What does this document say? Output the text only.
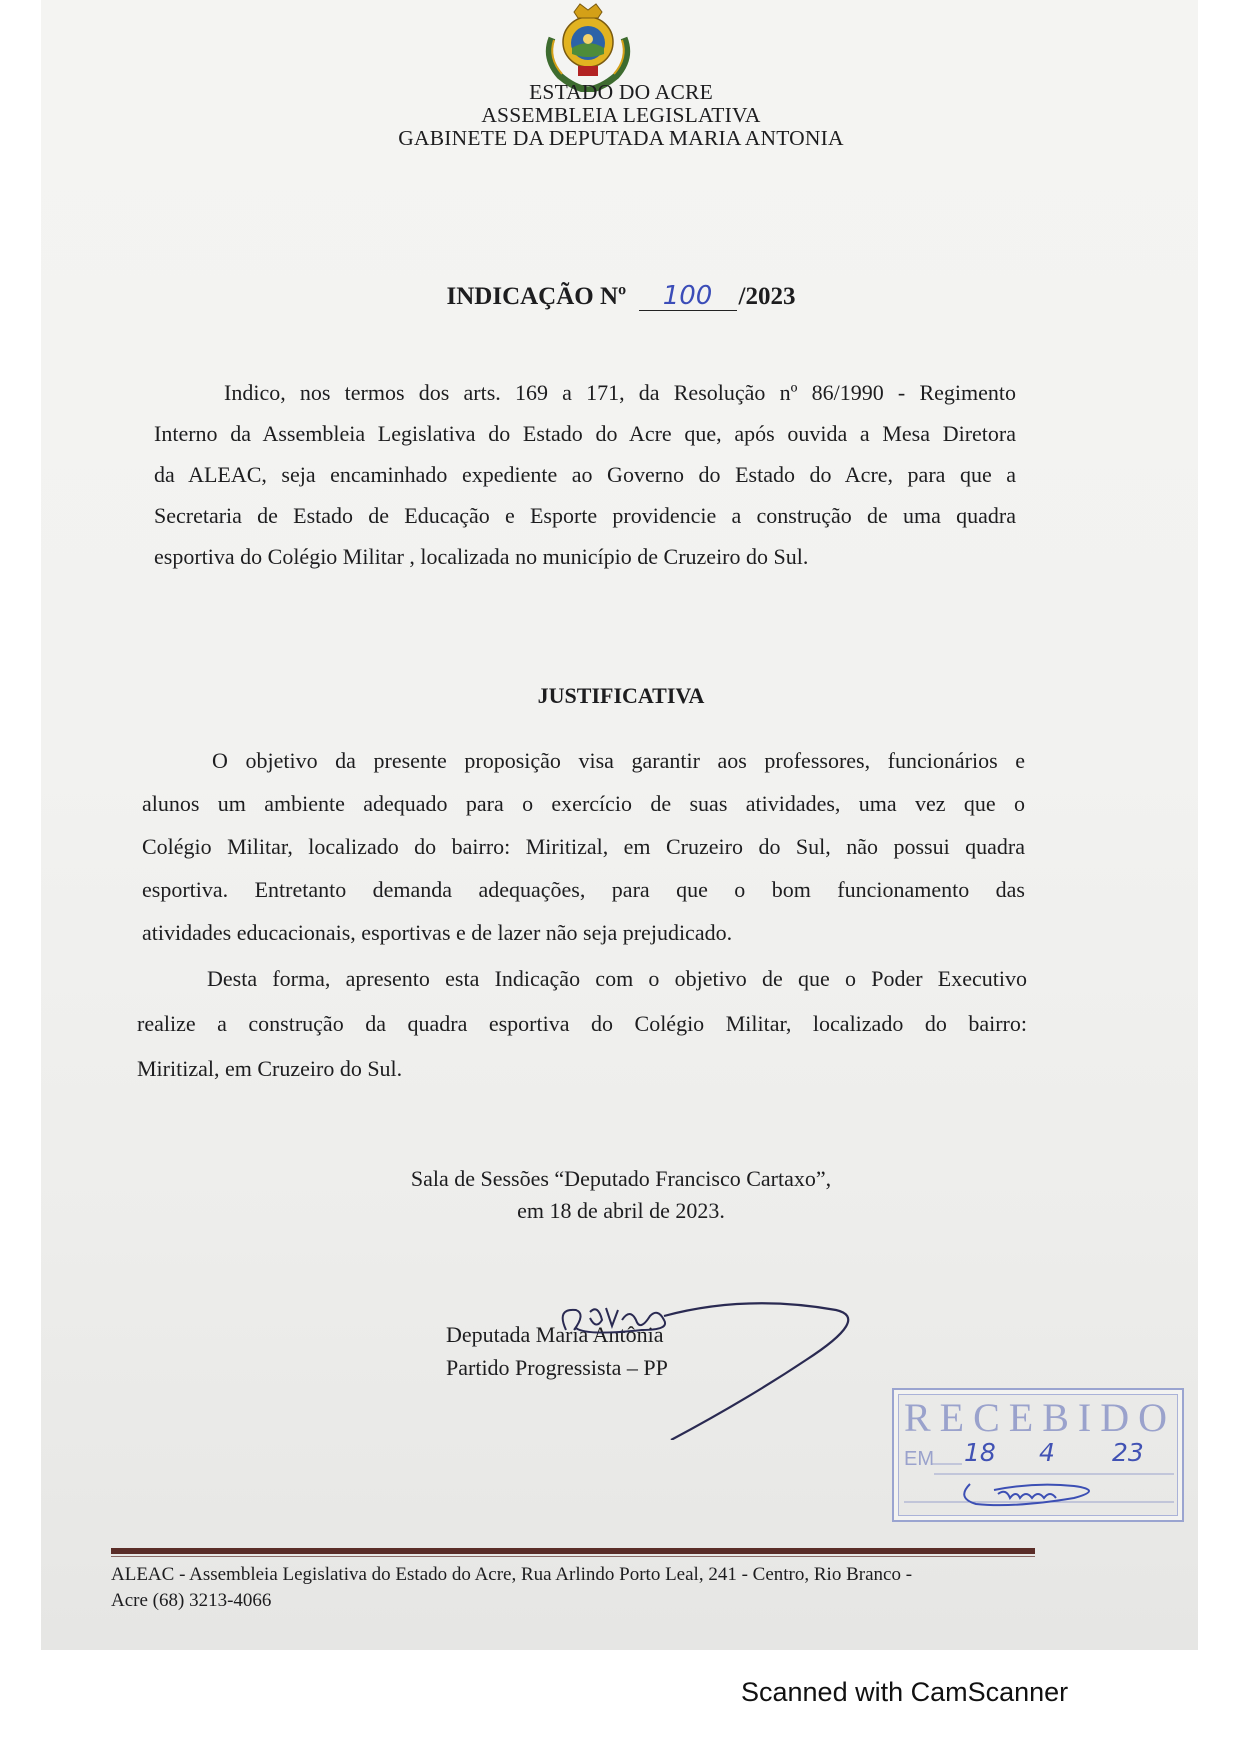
ESTADO DO ACRE
ASSEMBLEIA LEGISLATIVA
GABINETE DA DEPUTADA MARIA ANTONIA
INDICAÇÃO Nº 100 /2023
Indico, nos termos dos arts. 169 a 171, da Resolução nº 86/1990 - Regimento
Interno da Assembleia Legislativa do Estado do Acre que, após ouvida a Mesa Diretora
da ALEAC, seja encaminhado expediente ao Governo do Estado do Acre, para que a
Secretaria de Estado de Educação e Esporte providencie a construção de uma quadra
esportiva do Colégio Militar , localizada no município de Cruzeiro do Sul.
JUSTIFICATIVA
O objetivo da presente proposição visa garantir aos professores, funcionários e
alunos um ambiente adequado para o exercício de suas atividades, uma vez que o
Colégio Militar, localizado do bairro: Miritizal, em Cruzeiro do Sul, não possui quadra
esportiva. Entretanto demanda adequações, para que o bom funcionamento das
atividades educacionais, esportivas e de lazer não seja prejudicado.
Desta forma, apresento esta Indicação com o objetivo de que o Poder Executivo
realize a construção da quadra esportiva do Colégio Militar, localizado do bairro:
Miritizal, em Cruzeiro do Sul.
Sala de Sessões “Deputado Francisco Cartaxo”,
em 18 de abril de 2023.
Deputada Maria Antônia
Partido Progressista – PP
RECEBIDO
EM 18 4 23
ALEAC - Assembleia Legislativa do Estado do Acre, Rua Arlindo Porto Leal, 241 - Centro, Rio Branco -
Acre (68) 3213-4066
Scanned with CamScanner
